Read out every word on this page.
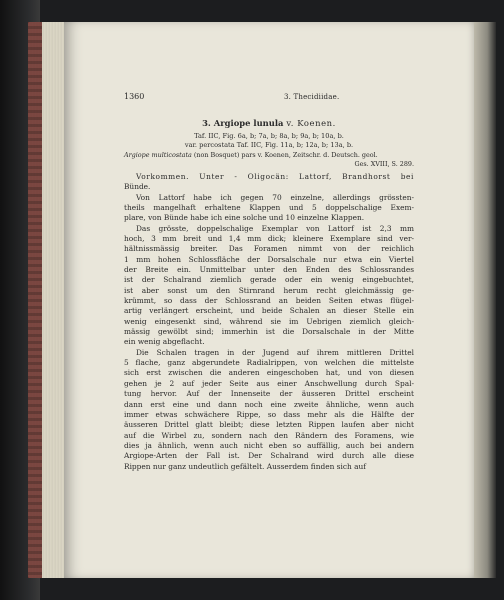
1360	3. Thecidiidae.
3. Argiope lunula v. Koenen.
Taf. IIC, Fig. 6a, b; 7a, b; 8a, b; 9a, b; 10a, b.
var. percostata Taf. IIC, Fig. 11a, b; 12a, b; 13a, b.
Argiope multicostata (non Bosquet) pars v. Koenen, Zeitschr. d. Deutsch. geol.
Ges. XVIII, S. 289.
Vorkommen. Unter - Oligocän: Lattorf, Brandhorst bei
Bünde.
Von Lattorf habe ich gegen 70 einzelne, allerdings grössten-
theils mangelhaft erhaltene Klappen und 5 doppelschalige Exem-
plare, von Bünde habe ich eine solche und 10 einzelne Klappen.
Das grösste, doppelschalige Exemplar von Lattorf ist 2,3 mm
hoch, 3 mm breit und 1,4 mm dick; kleinere Exemplare sind ver-
hältnissmässig breiter. Das Foramen nimmt von der reichlich
1 mm hohen Schlossfläche der Dorsalschale nur etwa ein Viertel
der Breite ein. Unmittelbar unter den Enden des Schlossrandes
ist der Schalrand ziemlich gerade oder ein wenig eingebuchtet,
ist aber sonst um den Stirnrand herum recht gleichmässig ge-
krümmt, so dass der Schlossrand an beiden Seiten etwas flügel-
artig verlängert erscheint, und beide Schalen an dieser Stelle ein
wenig eingesenkt sind, während sie im Uebrigen ziemlich gleich-
mässig gewölbt sind; immerhin ist die Dorsalschale in der Mitte
ein wenig abgeflacht.
Die Schalen tragen in der Jugend auf ihrem mittleren Drittel
5 flache, ganz abgerundete Radialrippen, von welchen die mittelste
sich erst zwischen die anderen eingeschoben hat, und von diesen
gehen je 2 auf jeder Seite aus einer Anschwellung durch Spal-
tung hervor. Auf der Innenseite der äusseren Drittel erscheint
dann erst eine und dann noch eine zweite ähnliche, wenn auch
immer etwas schwächere Rippe, so dass mehr als die Hälfte der
äusseren Drittel glatt bleibt; diese letzten Rippen laufen aber nicht
auf die Wirbel zu, sondern nach den Rändern des Foramens, wie
dies ja ähnlich, wenn auch nicht eben so auffällig, auch bei andern
Argiope-Arten der Fall ist. Der Schalrand wird durch alle diese
Rippen nur ganz undeutlich gefältelt. Ausserdem finden sich auf
